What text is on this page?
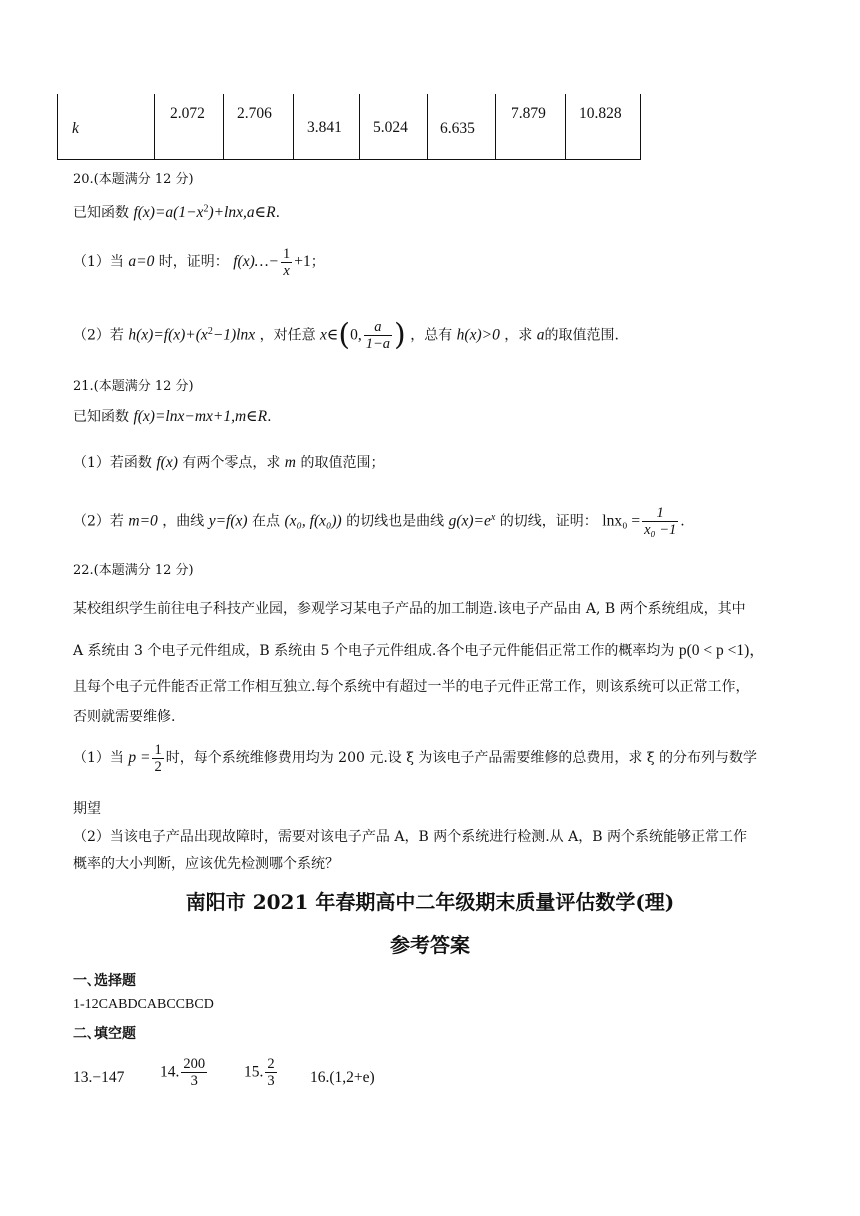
k
2.072 2.706
3.841 5.024 6.635
7.879 10.828
20.(本题满分 12 分)
已知函数 $f(x)=a(1-x^2)+\ln x,a\in R$.
（1）当 a=0 时，证明： f(x)…− $\frac{1}{x} +1$；
（2）若 $h(x)=f(x)+(x^2-1)\ln x$ ，对任意 x∈(0, $\frac{a}{1-a}$ ) ，总有 h(x)>0 ，求 a的取值范围.
21.(本题满分 12 分)
已知函数 f(x)=lnx−mx+1,m∈R.
（1）若函数 f(x) 有两个零点，求 m 的取值范围；
（2）若 m=0 ，曲线 y=f(x) 在点 (x₀, f(x₀)) 的切线也是曲线 $g(x)=e^x$ 的切线，证明： $\ln x_0 = \frac{1}{\text{x₀ −1}}$ .
22.(本题满分 12 分)
某校组织学生前往电子科技产业园，参观学习某电子产品的加工制造.该电子产品由 A, B 两个系统组成，其中
A 系统由 3 个电子元件组成，B 系统由 5 个电子元件组成.各个电子元件能侣正常工作的概率均为 p(0 < p <1)，
且每个电子元件能否正常工作相互独立.每个系统中有超过一半的电子元件正常工作，则该系统可以正常工作，
否则就需要维修.
（1）当 $p = \frac{1}{2}$ 时，每个系统维修费用均为 200 元.设 ξ 为该电子产品需要维修的总费用，求 ξ 的分布列与数学
期望
（2）当该电子产品出现故障时，需要对该电子产品 A，B 两个系统进行检测.从 A，B 两个系统能够正常工作
概率的大小判断，应该优先检测哪个系统？
南阳市 2021 年春期高中二年级期末质量评估数学(理)
参考答案
一､选择题
1-12CABDCABCCBCD
二､填空题
13.−147 14. $\frac{200}{3} 15$. $\frac{2}{3} 16.(1,2+e)$
